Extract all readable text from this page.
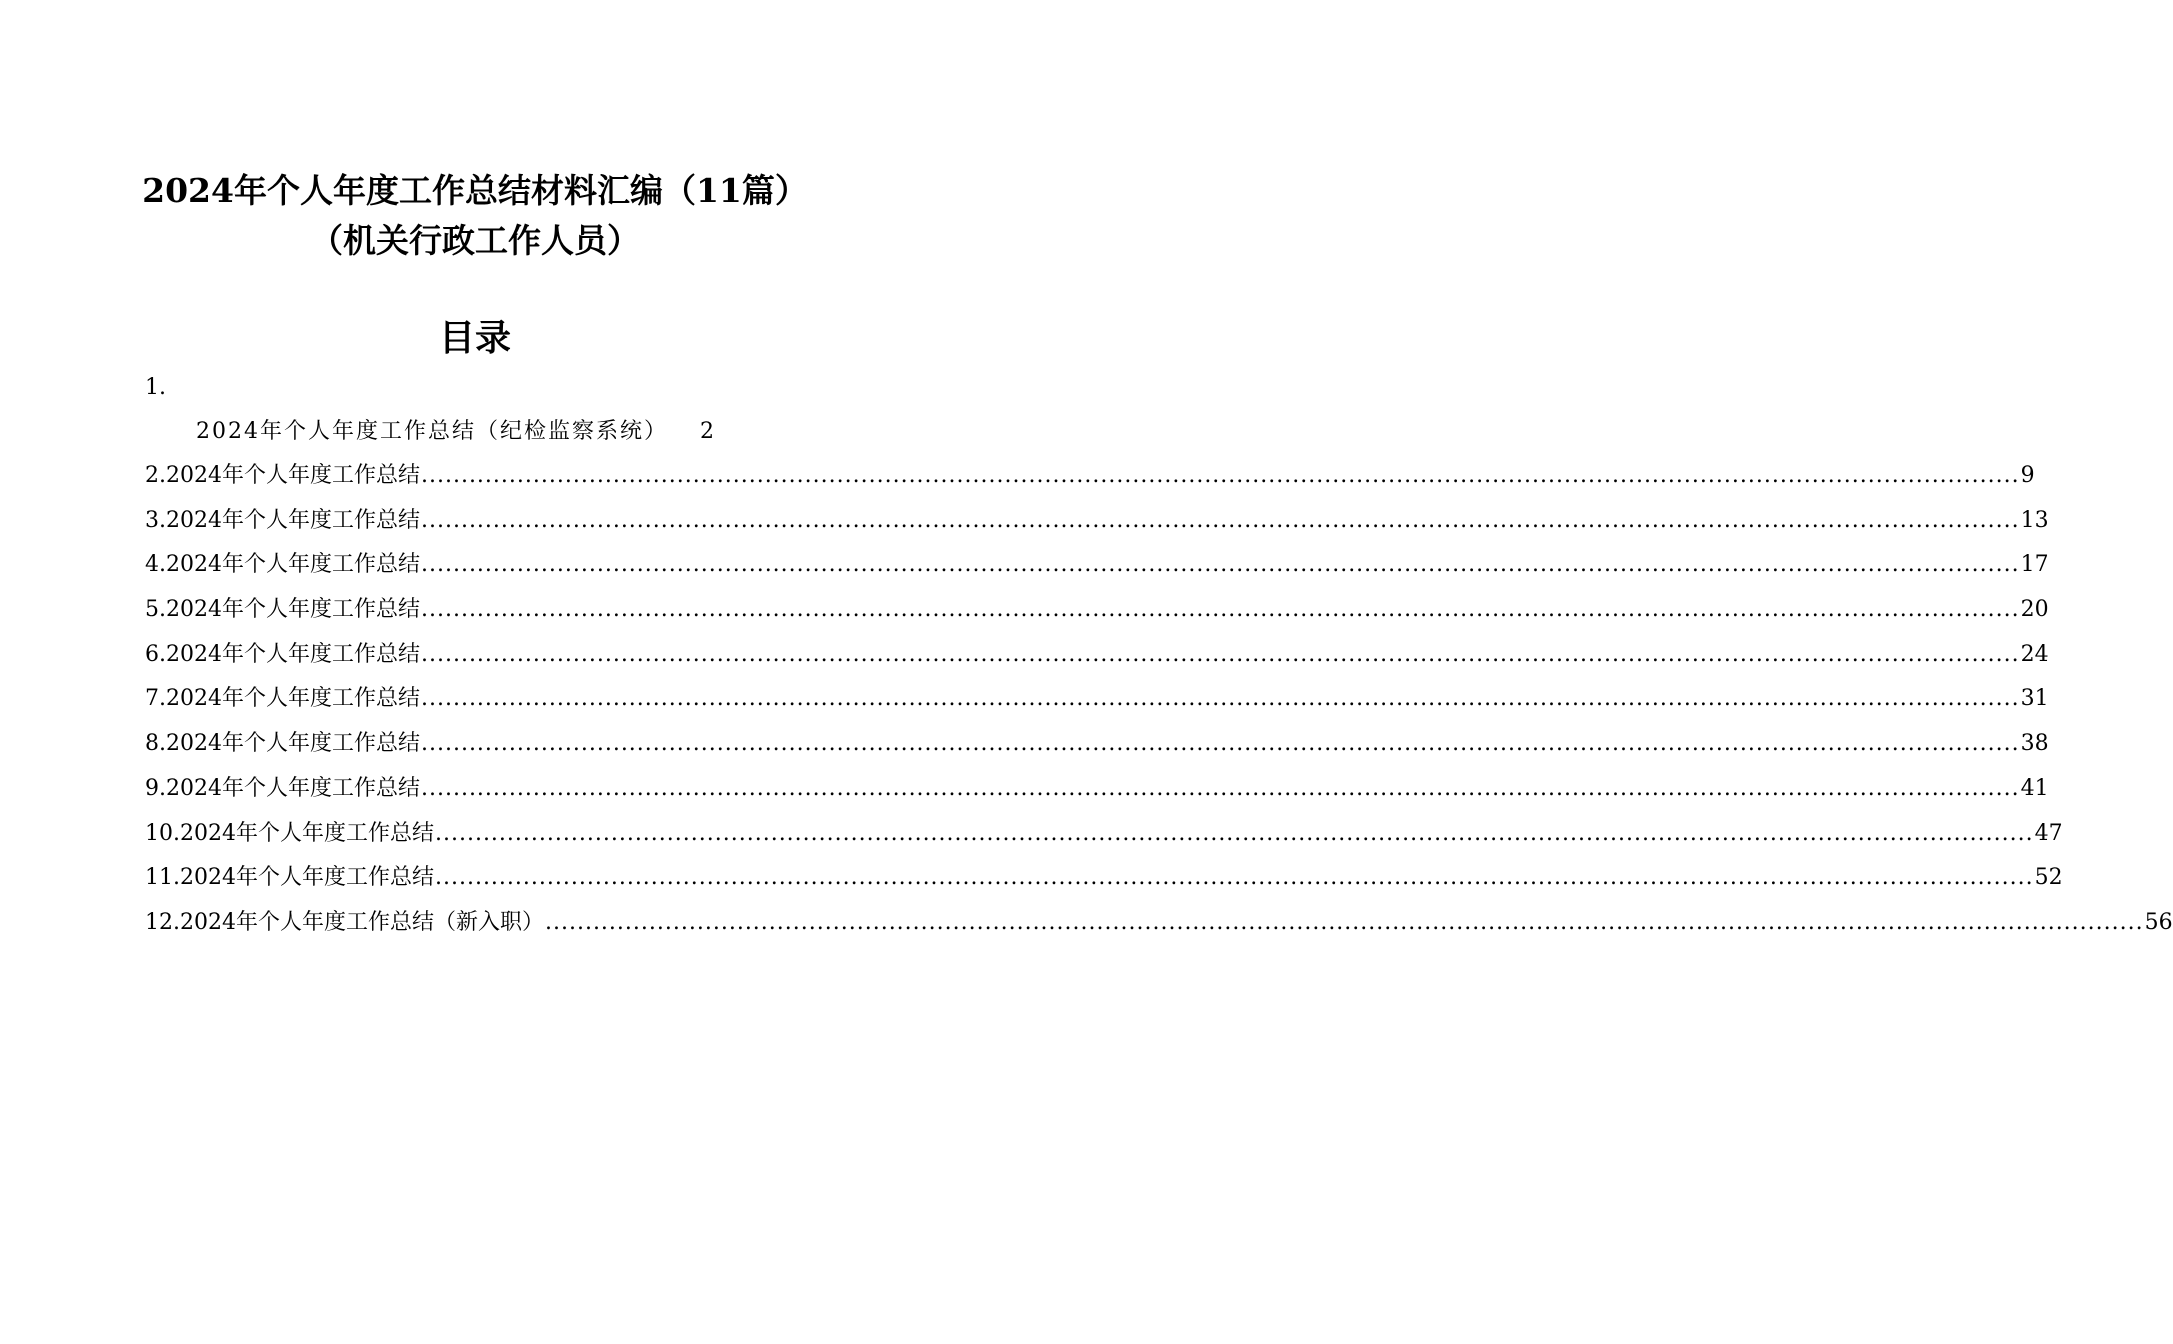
2024年个人年度工作总结材料汇编（11篇）（机关行政工作人员）
目录
1.
2024年个人年度工作总结（纪检监察系统） 2
2.2024年个人年度工作总结 ........................................................................................................................................................................................................ 9
3.2024年个人年度工作总结 ........................................................................................................................................................................................................ 13
4.2024年个人年度工作总结 ........................................................................................................................................................................................................ 17
5.2024年个人年度工作总结 ........................................................................................................................................................................................................ 20
6.2024年个人年度工作总结 ........................................................................................................................................................................................................ 24
7.2024年个人年度工作总结 ........................................................................................................................................................................................................ 31
8.2024年个人年度工作总结 ........................................................................................................................................................................................................ 38
9.2024年个人年度工作总结 ........................................................................................................................................................................................................ 41
10.2024年个人年度工作总结 ........................................................................................................................................................................................................ 47
11.2024年个人年度工作总结 ........................................................................................................................................................................................................ 52
12.2024年个人年度工作总结（新入职） ........................................................................................................................................................................................................ 56
